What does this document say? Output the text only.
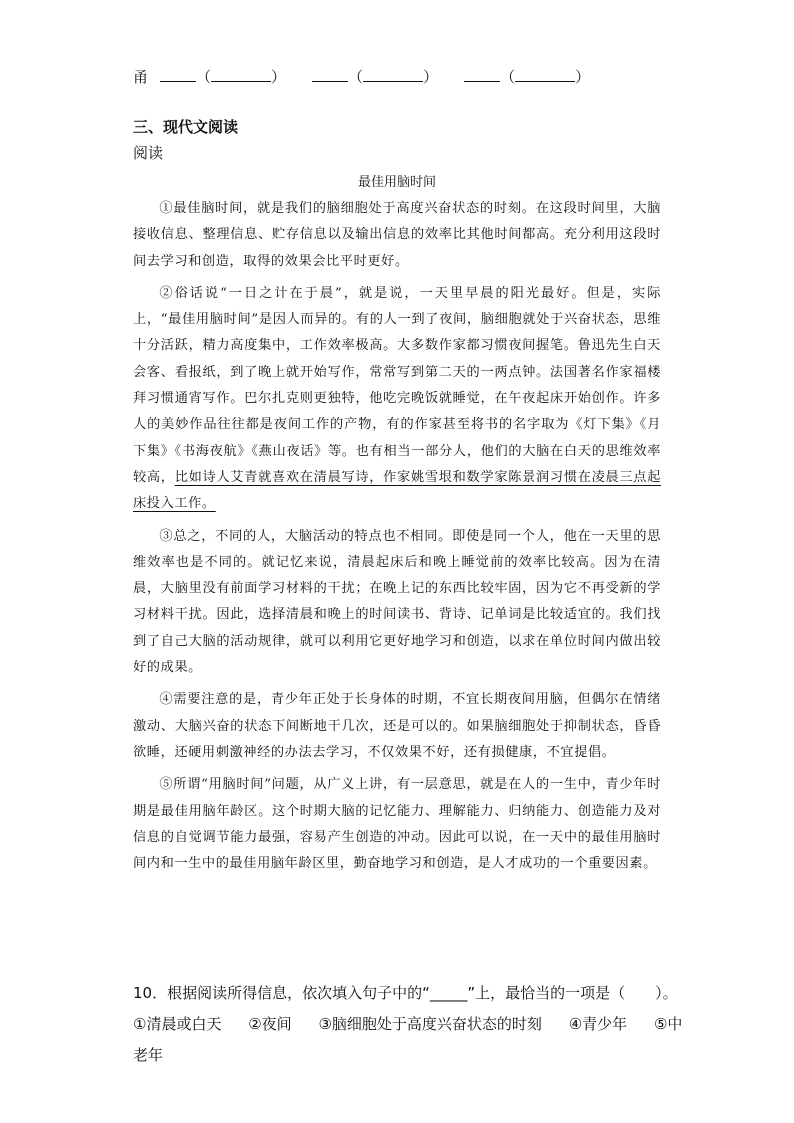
甬	（	）	（	）	（	）
三、现代文阅读
阅读
最佳用脑时间

①最佳脑时间，就是我们的脑细胞处于高度兴奋状态的时刻。在这段时间里，大脑接收信息、整理信息、贮存信息以及输出信息的效率比其他时间都高。充分利用这段时间去学习和创造，取得的效果会比平时更好。

②俗话说“一日之计在于晨”，就是说，一天里早晨的阳光最好。但是，实际上，“最佳用脑时间”是因人而异的。有的人一到了夜间，脑细胞就处于兴奋状态，思维十分活跃，精力高度集中，工作效率极高。大多数作家都习惯夜间握笔。鲁迅先生白天会客、看报纸，到了晚上就开始写作，常常写到第二天的一两点钟。法国著名作家福楼拜习惯通宵写作。巴尔扎克则更独特，他吃完晚饭就睡觉，在午夜起床开始创作。许多人的美妙作品往往都是夜间工作的产物，有的作家甚至将书的名字取为《灯下集》《月下集》《书海夜航》《燕山夜话》等。也有相当一部分人，他们的大脑在白天的思维效率较高，比如诗人艾青就喜欢在清晨写诗，作家姚雪垠和数学家陈景润习惯在凌晨三点起床投入工作。

③总之，不同的人，大脑活动的特点也不相同。即使是同一个人，他在一天里的思维效率也是不同的。就记忆来说，清晨起床后和晚上睡觉前的效率比较高。因为在清晨，大脑里没有前面学习材料的干扰；在晚上记的东西比较牢固，因为它不再受新的学习材料干扰。因此，选择清晨和晚上的时间读书、背诗、记单词是比较适宜的。我们找到了自己大脑的活动规律，就可以利用它更好地学习和创造，以求在单位时间内做出较好的成果。

④需要注意的是，青少年正处于长身体的时期，不宜长期夜间用脑，但偶尔在情绪激动、大脑兴奋的状态下间断地干几次，还是可以的。如果脑细胞处于抑制状态，昏昏欲睡，还硬用刺激神经的办法去学习，不仅效果不好，还有损健康，不宜提倡。

⑤所谓“用脑时间”问题，从广义上讲，有一层意思，就是在人的一生中，青少年时期是最佳用脑年龄区。这个时期大脑的记忆能力、理解能力、归纳能力、创造能力及对信息的自觉调节能力最强，容易产生创造的冲动。因此可以说，在一天中的最佳用脑时间内和一生中的最佳用脑年龄区里，勤奋地学习和创造，是人才成功的一个重要因素。

10．根据阅读所得信息，依次填入句子中的“_____”上，最恰当的一项是（　　）。
①清晨或白天 ②夜间 ③脑细胞处于高度兴奋状态的时刻 ④青少年 ⑤中
老年
